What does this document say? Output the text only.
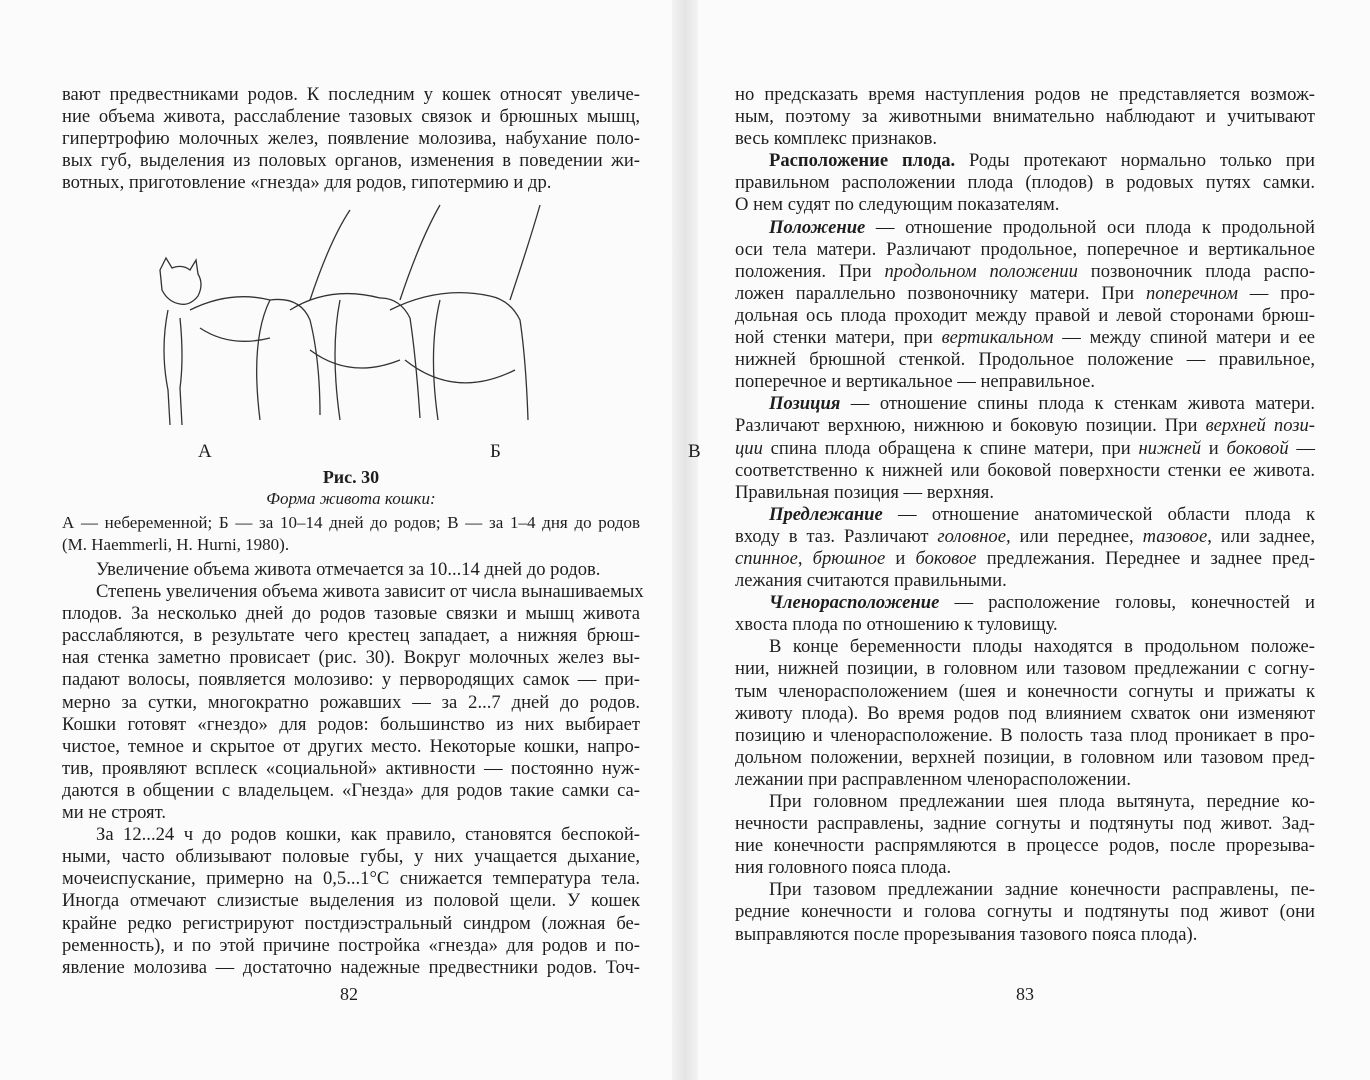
вают предвестниками родов. К последним у кошек относят увеличе-
ние объема живота, расслабление тазовых связок и брюшных мышц,
гипертрофию молочных желез, появление молозива, набухание поло-
вых губ, выделения из половых органов, изменения в поведении жи-
вотных, приготовление «гнезда» для родов, гипотермию и др.
А	Б	В
Рис. 30
Форма живота кошки:
А — небеременной; Б — за 10–14 дней до родов; В — за 1–4 дня до родов
(M. Haemmerli, H. Hurni, 1980).
Увеличение объема живота отмечается за 10...14 дней до родов.
Степень увеличения объема живота зависит от числа вынашиваемых
плодов. За несколько дней до родов тазовые связки и мышц живота
расслабляются, в результате чего крестец западает, а нижняя брюш-
ная стенка заметно провисает (рис. 30). Вокруг молочных желез вы-
падают волосы, появляется молозиво: у первородящих самок — при-
мерно за сутки, многократно рожавших — за 2...7 дней до родов.
Кошки готовят «гнездо» для родов: большинство из них выбирает
чистое, темное и скрытое от других место. Некоторые кошки, напро-
тив, проявляют всплеск «социальной» активности — постоянно нуж-
даются в общении с владельцем. «Гнезда» для родов такие самки са-
ми не строят.
За 12...24 ч до родов кошки, как правило, становятся беспокой-
ными, часто облизывают половые губы, у них учащается дыхание,
мочеиспускание, примерно на 0,5...1°С снижается температура тела.
Иногда отмечают слизистые выделения из половой щели. У кошек
крайне редко регистрируют постдиэстральный синдром (ложная бе-
ременность), и по этой причине постройка «гнезда» для родов и по-
явление молозива — достаточно надежные предвестники родов. Точ-
82
но предсказать время наступления родов не представляется возмож-
ным, поэтому за животными внимательно наблюдают и учитывают
весь комплекс признаков.
Расположение плода. Роды протекают нормально только при
правильном расположении плода (плодов) в родовых путях самки.
О нем судят по следующим показателям.
Положение — отношение продольной оси плода к продольной
оси тела матери. Различают продольное, поперечное и вертикальное
положения. При продольном положении позвоночник плода распо-
ложен параллельно позвоночнику матери. При поперечном — про-
дольная ось плода проходит между правой и левой сторонами брюш-
ной стенки матери, при вертикальном — между спиной матери и ее
нижней брюшной стенкой. Продольное положение — правильное,
поперечное и вертикальное — неправильное.
Позиция — отношение спины плода к стенкам живота матери.
Различают верхнюю, нижнюю и боковую позиции. При верхней пози-
ции спина плода обращена к спине матери, при нижней и боковой —
соответственно к нижней или боковой поверхности стенки ее живота.
Правильная позиция — верхняя.
Предлежание — отношение анатомической области плода к
входу в таз. Различают головное, или переднее, тазовое, или заднее,
спинное, брюшное и боковое предлежания. Переднее и заднее пред-
лежания считаются правильными.
Членорасположение — расположение головы, конечностей и
хвоста плода по отношению к туловищу.
В конце беременности плоды находятся в продольном положе-
нии, нижней позиции, в головном или тазовом предлежании с согну-
тым членорасположением (шея и конечности согнуты и прижаты к
животу плода). Во время родов под влиянием схваток они изменяют
позицию и членорасположение. В полость таза плод проникает в про-
дольном положении, верхней позиции, в головном или тазовом пред-
лежании при расправленном членорасположении.
При головном предлежании шея плода вытянута, передние ко-
нечности расправлены, задние согнуты и подтянуты под живот. Зад-
ние конечности распрямляются в процессе родов, после прорезыва-
ния головного пояса плода.
При тазовом предлежании задние конечности расправлены, пе-
редние конечности и голова согнуты и подтянуты под живот (они
выправляются после прорезывания тазового пояса плода).
83
